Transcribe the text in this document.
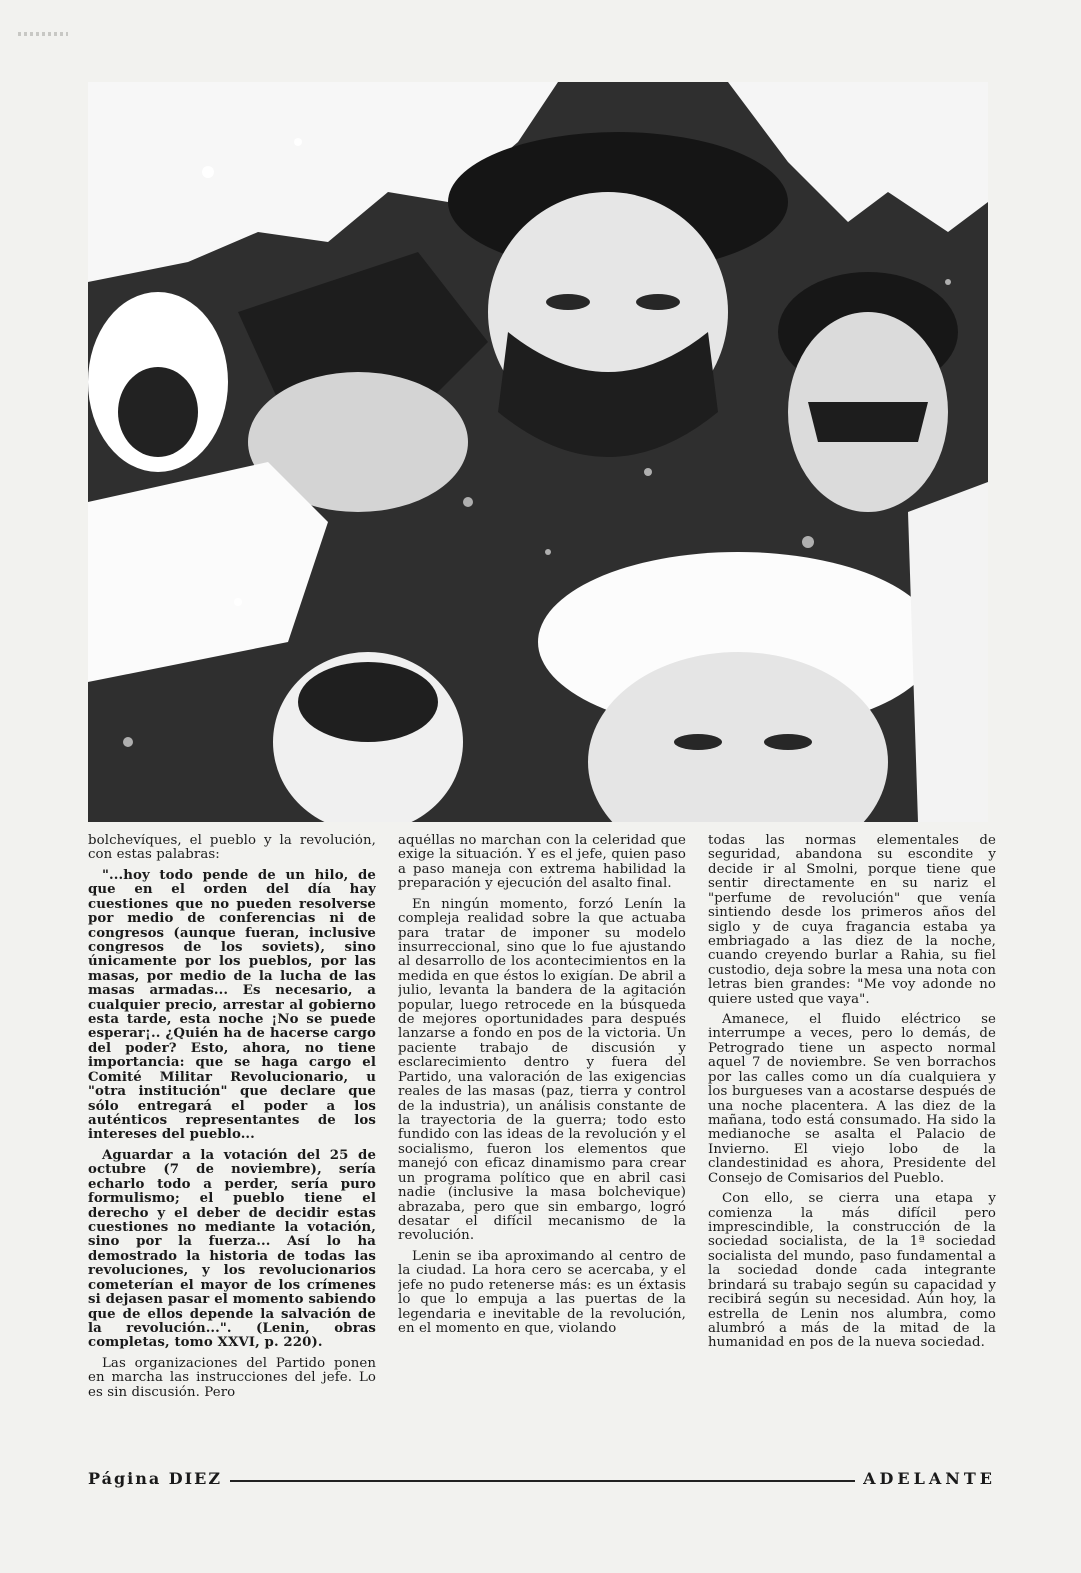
bolchevíques, el pueblo y la revolución, con estas palabras:

"...hoy todo pende de un hilo, de que en el orden del día hay cuestiones que no pueden resolverse por medio de conferencias ni de congresos (aunque fueran, inclusive congresos de los soviets), sino únicamente por los pueblos, por las masas, por medio de la lucha de las masas armadas... Es necesario, a cualquier precio, arrestar al gobierno esta tarde, esta noche ¡No se puede esperar¡.. ¿Quién ha de hacerse cargo del poder? Esto, ahora, no tiene importancia: que se haga cargo el Comité Militar Revolucionario, u "otra institución" que declare que sólo entregará el poder a los auténticos representantes de los intereses del pueblo...

Aguardar a la votación del 25 de octubre (7 de noviembre), sería echarlo todo a perder, sería puro formulismo; el pueblo tiene el derecho y el deber de decidir estas cuestiones no mediante la votación, sino por la fuerza... Así lo ha demostrado la historia de todas las revoluciones, y los revolucionarios cometerían el mayor de los crímenes si dejasen pasar el momento sabiendo que de ellos depende la salvación de la revolución...". (Lenin, obras completas, tomo XXVI, p. 220).

Las organizaciones del Partido ponen en marcha las instrucciones del jefe. Lo es sin discusión. Pero

aquéllas no marchan con la celeridad que exige la situación. Y es el jefe, quien paso a paso maneja con extrema habilidad la preparación y ejecución del asalto final.

En ningún momento, forzó Lenín la compleja realidad sobre la que actuaba para tratar de imponer su modelo insurreccional, sino que lo fue ajustando al desarrollo de los acontecimientos en la medida en que éstos lo exigían. De abril a julio, levanta la bandera de la agitación popular, luego retrocede en la búsqueda de mejores oportunidades para después lanzarse a fondo en pos de la victoria. Un paciente trabajo de discusión y esclarecimiento dentro y fuera del Partido, una valoración de las exigencias reales de las masas (paz, tierra y control de la industria), un análisis constante de la trayectoria de la guerra; todo esto fundido con las ideas de la revolución y el socialismo, fueron los elementos que manejó con eficaz dinamismo para crear un programa político que en abril casi nadie (inclusive la masa bolchevique) abrazaba, pero que sin embargo, logró desatar el difícil mecanismo de la revolución.

Lenin se iba aproximando al centro de la ciudad. La hora cero se acercaba, y el jefe no pudo retenerse más: es un éxtasis lo que lo empuja a las puertas de la legendaria e inevitable de la revolución, en el momento en que, violando

todas las normas elementales de seguridad, abandona su escondite y decide ir al Smolni, porque tiene que sentir directamente en su nariz el "perfume de revolución" que venía sintiendo desde los primeros años del siglo y de cuya fragancia estaba ya embriagado a las diez de la noche, cuando creyendo burlar a Rahia, su fiel custodio, deja sobre la mesa una nota con letras bien grandes: "Me voy adonde no quiere usted que vaya".

Amanece, el fluido eléctrico se interrumpe a veces, pero lo demás, de Petrogrado tiene un aspecto normal aquel 7 de noviembre. Se ven borrachos por las calles como un día cualquiera y los burgueses van a acostarse después de una noche placentera. A las diez de la mañana, todo está consumado. Ha sido la medianoche se asalta el Palacio de Invierno. El viejo lobo de la clandestinidad es ahora, Presidente del Consejo de Comisarios del Pueblo.

Con ello, se cierra una etapa y comienza la más difícil pero imprescindible, la construcción de la sociedad socialista, de la 1ª sociedad socialista del mundo, paso fundamental a la sociedad donde cada integrante brindará su trabajo según su capacidad y recibirá según su necesidad. Aún hoy, la estrella de Lenin nos alumbra, como alumbró a más de la mitad de la humanidad en pos de la nueva sociedad.

Página DIEZ	ADELANTE
